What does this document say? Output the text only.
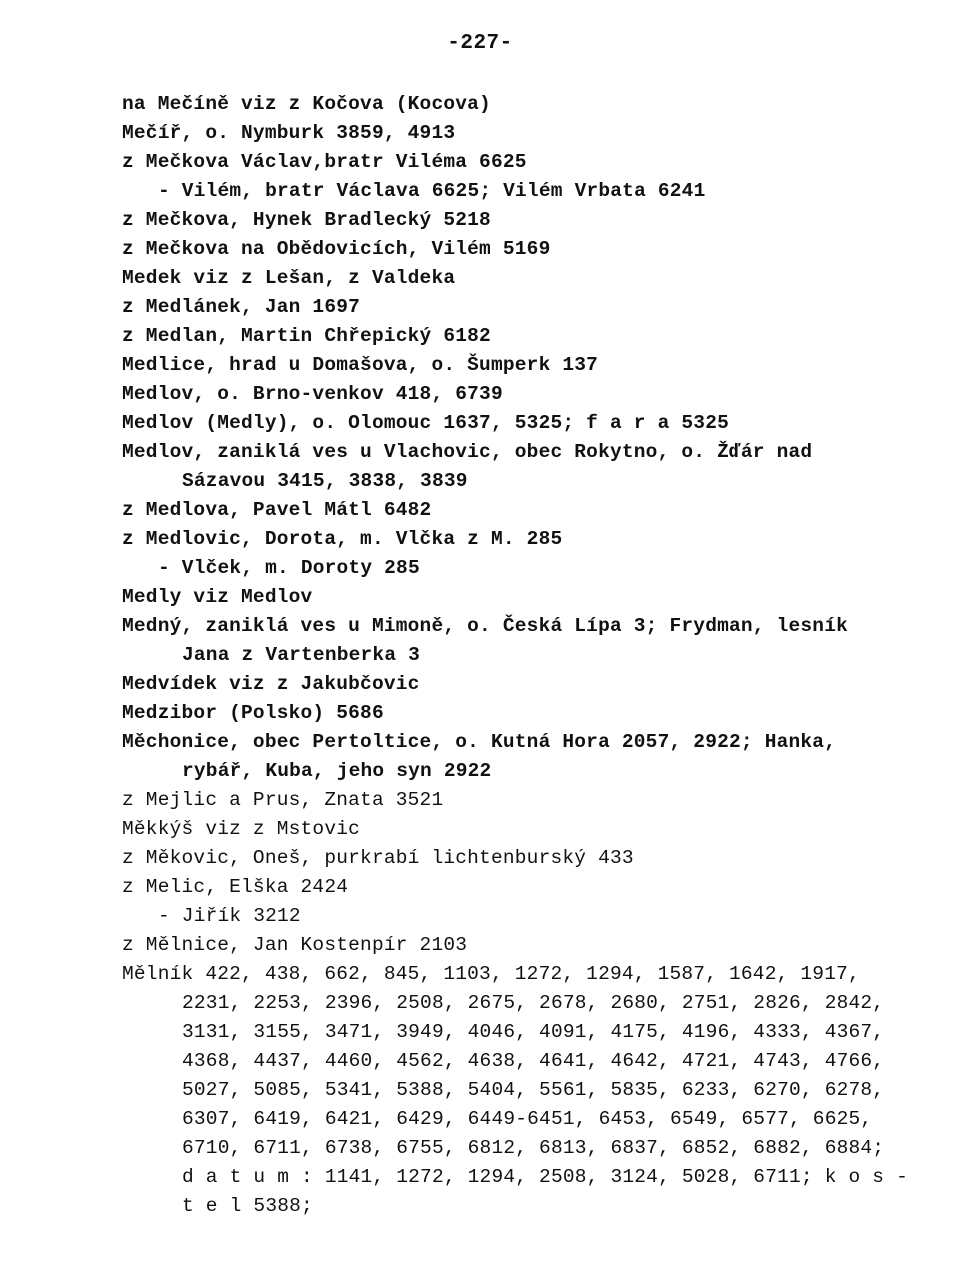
-227-
na Mečíně viz z Kočova (Kocova)
Mečíř, o. Nymburk 3859, 4913
z Mečkova Václav,bratr Viléma 6625
- Vilém, bratr Václava 6625; Vilém Vrbata 6241
z Mečkova, Hynek Bradlecký 5218
z Mečkova na Obědovicích, Vilém 5169
Medek viz z Lešan, z Valdeka
z Medlánek, Jan 1697
z Medlan, Martin Chřepický 6182
Medlice, hrad u Domašova, o. Šumperk 137
Medlov, o. Brno-venkov 418, 6739
Medlov (Medly), o. Olomouc 1637, 5325; f a r a 5325
Medlov, zaniklá ves u Vlachovic, obec Rokytno, o. Žďár nad
Sázavou 3415, 3838, 3839
z Medlova, Pavel Mátl 6482
z Medlovic, Dorota, m. Vlčka z M. 285
- Vlček, m. Doroty 285
Medly viz Medlov
Medný, zaniklá ves u Mimoně, o. Česká Lípa 3; Frydman, lesník
Jana z Vartenberka 3
Medvídek viz z Jakubčovic
Medzibor (Polsko) 5686
Měchonice, obec Pertoltice, o. Kutná Hora 2057, 2922; Hanka,
rybář, Kuba, jeho syn 2922
z Mejlic a Prus, Znata 3521
Měkkýš viz z Mstovic
z Měkovic, Oneš, purkrabí lichtenburský 433
z Melic, Elška 2424
- Jiřík 3212
z Mělnice, Jan Kostenpír 2103
Mělník 422, 438, 662, 845, 1103, 1272, 1294, 1587, 1642, 1917,
2231, 2253, 2396, 2508, 2675, 2678, 2680, 2751, 2826, 2842,
3131, 3155, 3471, 3949, 4046, 4091, 4175, 4196, 4333, 4367,
4368, 4437, 4460, 4562, 4638, 4641, 4642, 4721, 4743, 4766,
5027, 5085, 5341, 5388, 5404, 5561, 5835, 6233, 6270, 6278,
6307, 6419, 6421, 6429, 6449-6451, 6453, 6549, 6577, 6625,
6710, 6711, 6738, 6755, 6812, 6813, 6837, 6852, 6882, 6884;
d a t u m : 1141, 1272, 1294, 2508, 3124, 5028, 6711; k o s -
t e l 5388;
